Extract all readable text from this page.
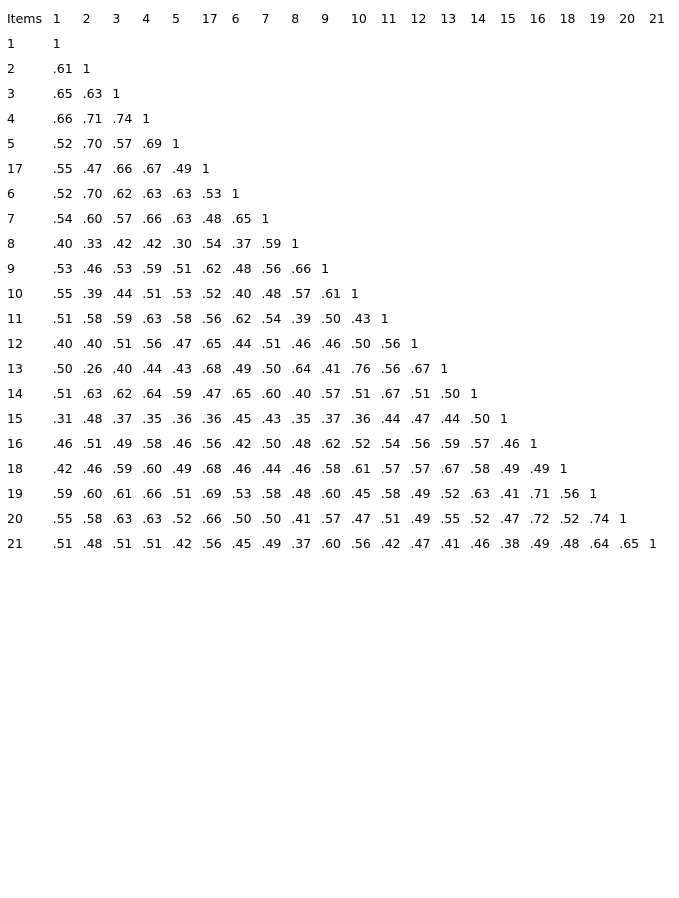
Items	1	2	3	4	5	17	6	7	8	9	10	11	12	13	14	15	16	18	19	20	21
1	1																				
2	.61	1																			
3	.65	.63	1																		
4	.66	.71	.74	1																	
5	.52	.70	.57	.69	1																
17	.55	.47	.66	.67	.49	1															
6	.52	.70	.62	.63	.63	.53	1														
7	.54	.60	.57	.66	.63	.48	.65	1													
8	.40	.33	.42	.42	.30	.54	.37	.59	1												
9	.53	.46	.53	.59	.51	.62	.48	.56	.66	1											
10	.55	.39	.44	.51	.53	.52	.40	.48	.57	.61	1										
11	.51	.58	.59	.63	.58	.56	.62	.54	.39	.50	.43	1									
12	.40	.40	.51	.56	.47	.65	.44	.51	.46	.46	.50	.56	1								
13	.50	.26	.40	.44	.43	.68	.49	.50	.64	.41	.76	.56	.67	1							
14	.51	.63	.62	.64	.59	.47	.65	.60	.40	.57	.51	.67	.51	.50	1						
15	.31	.48	.37	.35	.36	.36	.45	.43	.35	.37	.36	.44	.47	.44	.50	1					
16	.46	.51	.49	.58	.46	.56	.42	.50	.48	.62	.52	.54	.56	.59	.57	.46	1				
18	.42	.46	.59	.60	.49	.68	.46	.44	.46	.58	.61	.57	.57	.67	.58	.49	.49	1			
19	.59	.60	.61	.66	.51	.69	.53	.58	.48	.60	.45	.58	.49	.52	.63	.41	.71	.56	1		
20	.55	.58	.63	.63	.52	.66	.50	.50	.41	.57	.47	.51	.49	.55	.52	.47	.72	.52	.74	1	
21	.51	.48	.51	.51	.42	.56	.45	.49	.37	.60	.56	.42	.47	.41	.46	.38	.49	.48	.64	.65	1
